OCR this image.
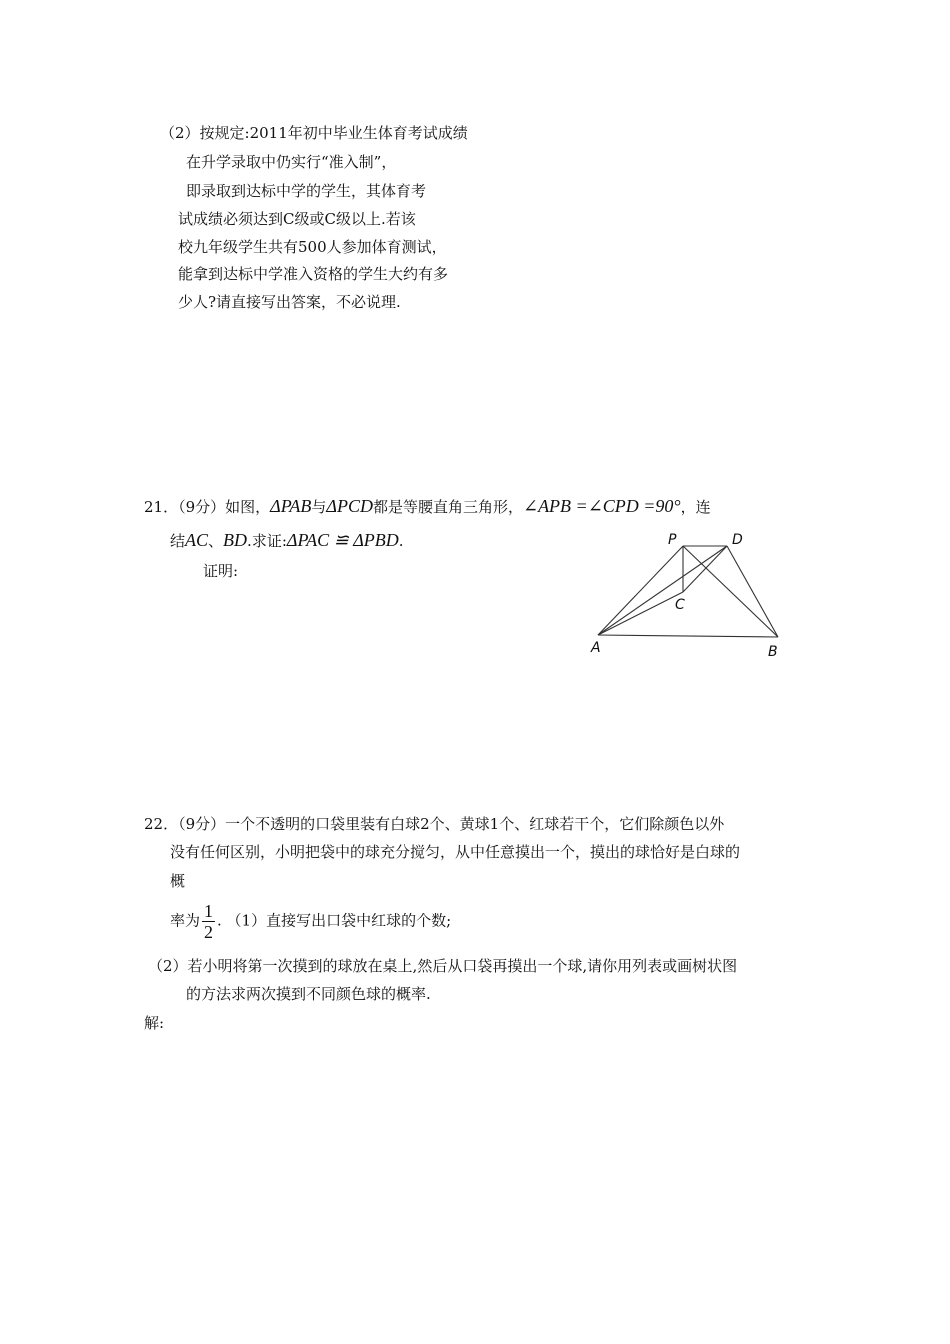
（2）按规定:2011年初中毕业生体育考试成绩
在升学录取中仍实行“准入制”，
即录取到达标中学的学生，其体育考
试成绩必须达到C级或C级以上.若该
校九年级学生共有500人参加体育测试，
能拿到达标中学准入资格的学生大约有多
少人?请直接写出答案，不必说理.
21．（9分）如图，ΔPAB与ΔPCD都是等腰直角三角形，∠APB =∠CPD =90°，连
结AC、BD.求证:ΔPAC ≌ ΔPBD.
证明:
P	D
C
A	B
22．（9分）一个不透明的口袋里装有白球2个、黄球1个、红球若干个，它们除颜色以外
没有任何区别，小明把袋中的球充分搅匀，从中任意摸出一个，摸出的球恰好是白球的
概
率为 $\frac{1}{2}$ . （1）直接写出口袋中红球的个数;
（2）若小明将第一次摸到的球放在桌上,然后从口袋再摸出一个球,请你用列表或画树状图
的方法求两次摸到不同颜色球的概率.
解:
